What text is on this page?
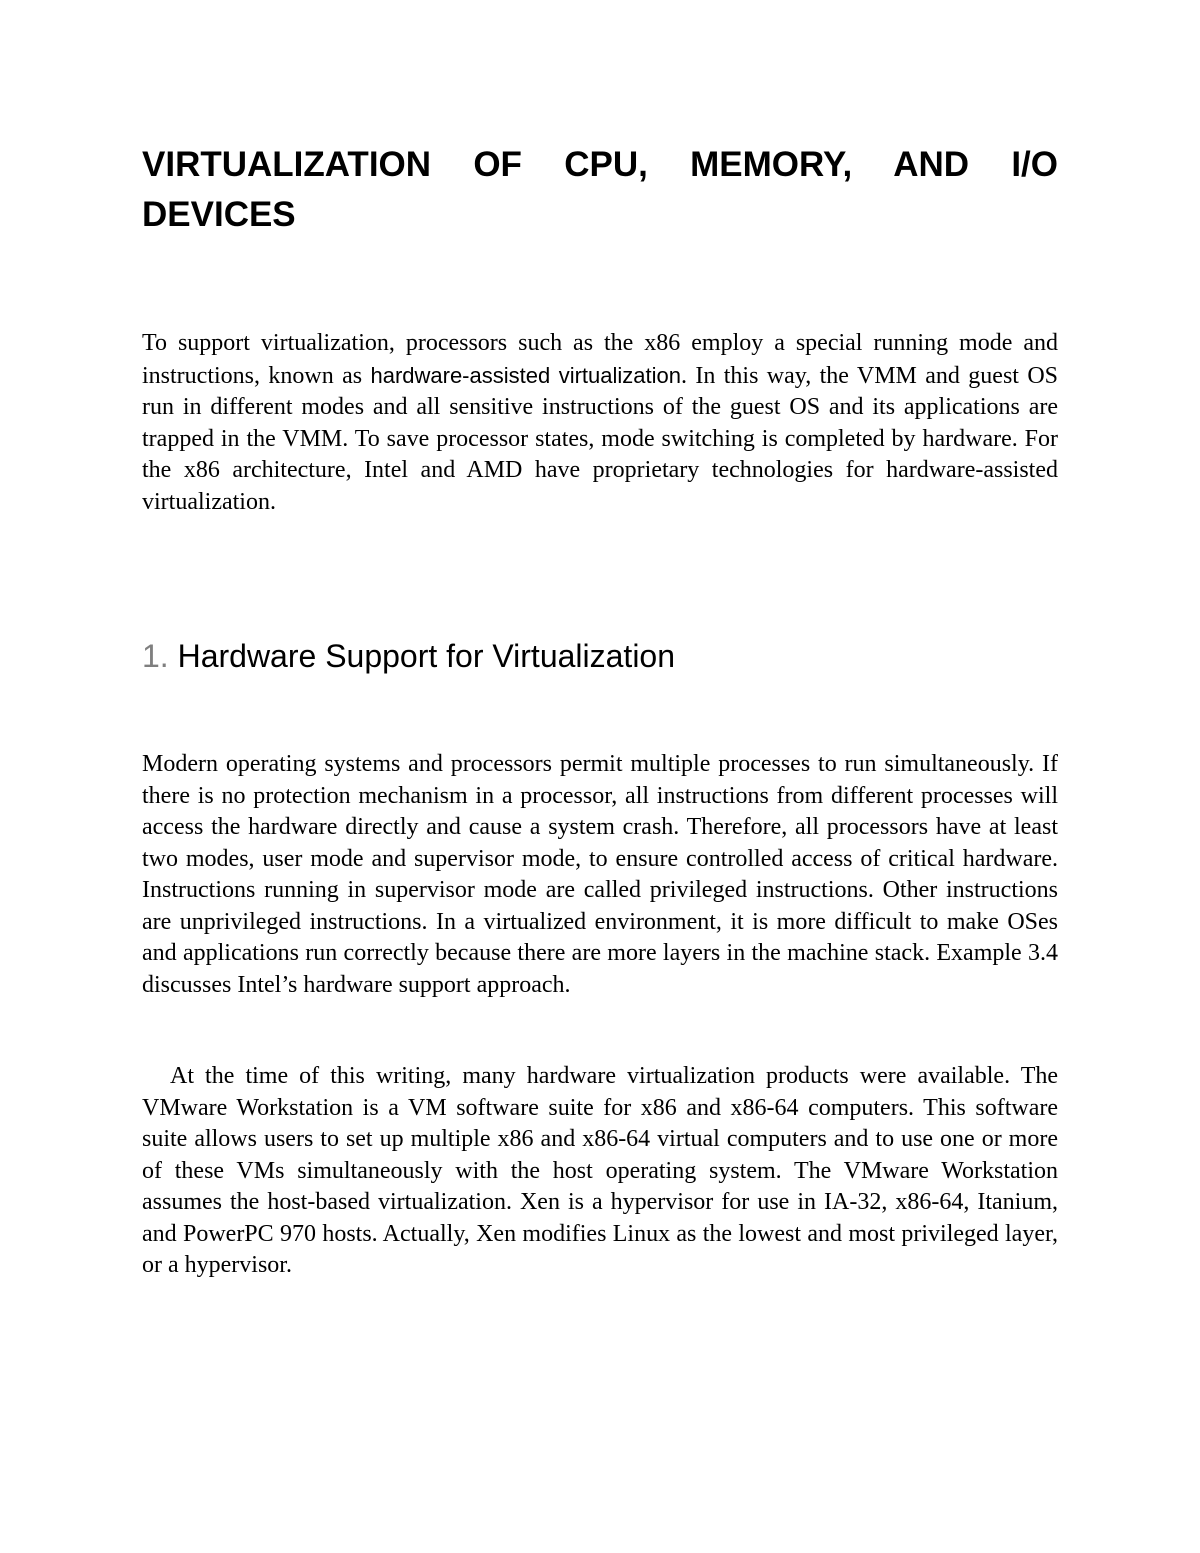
VIRTUALIZATION OF CPU, MEMORY, AND I/O DEVICES

To support virtualization, processors such as the x86 employ a special running mode and instructions, known as hardware-assisted virtualization. In this way, the VMM and guest OS run in different modes and all sensitive instructions of the guest OS and its applications are trapped in the VMM. To save processor states, mode switching is completed by hardware. For the x86 architecture, Intel and AMD have proprietary technologies for hardware-assisted virtualization.

1. Hardware Support for Virtualization

Modern operating systems and processors permit multiple processes to run simultaneously. If there is no protection mechanism in a processor, all instructions from different processes will access the hardware directly and cause a system crash. Therefore, all processors have at least two modes, user mode and supervisor mode, to ensure controlled access of critical hardware. Instructions running in supervisor mode are called privileged instructions. Other instructions are unprivileged instructions. In a virtualized environment, it is more difficult to make OSes and applications run correctly because there are more layers in the machine stack. Example 3.4 discusses Intel’s hardware support approach.

At the time of this writing, many hardware virtualization products were available. The VMware Workstation is a VM software suite for x86 and x86-64 computers. This software suite allows users to set up multiple x86 and x86-64 virtual computers and to use one or more of these VMs simultaneously with the host operating system. The VMware Workstation assumes the host-based virtualization. Xen is a hypervisor for use in IA-32, x86-64, Itanium, and PowerPC 970 hosts. Actually, Xen modifies Linux as the lowest and most privileged layer, or a hypervisor.
